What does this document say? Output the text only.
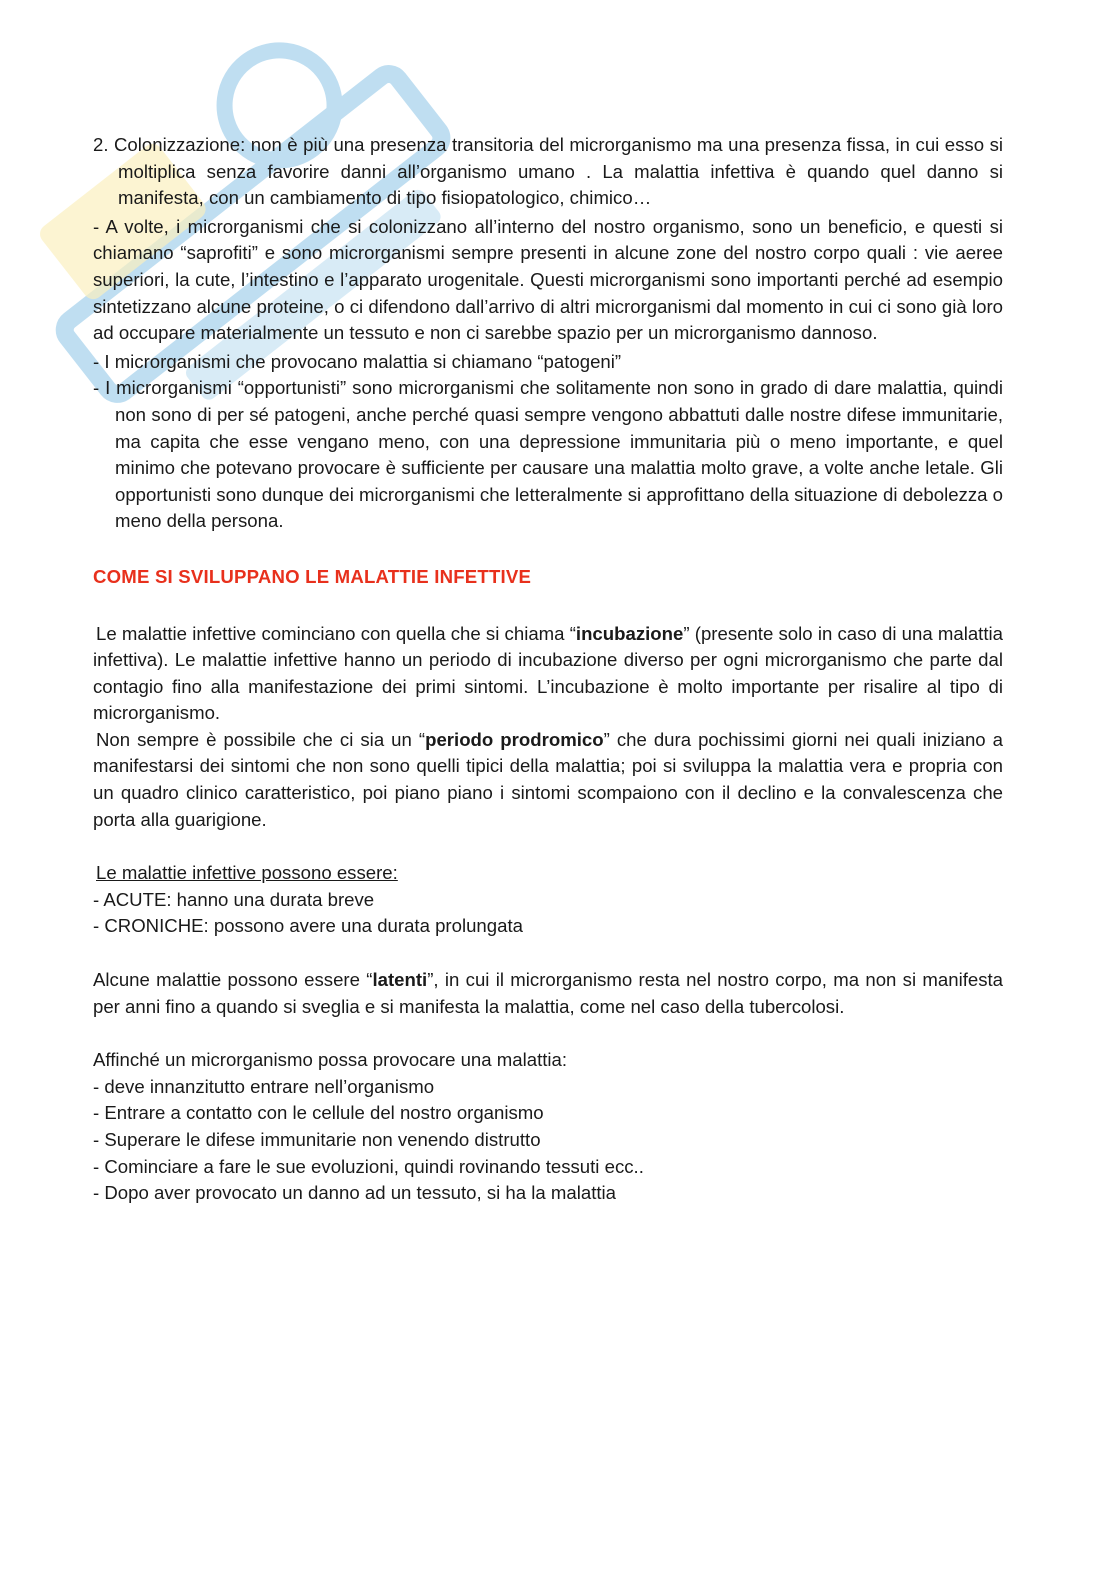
2. Colonizzazione: non è più una presenza transitoria del microrganismo ma una presenza fissa, in cui esso si moltiplica senza favorire danni all’organismo umano . La malattia infettiva è quando quel danno si manifesta, con un cambiamento di tipo fisiopatologico, chimico…

- A volte, i microrganismi che si colonizzano all’interno del nostro organismo, sono un beneficio, e questi si chiamano “saprofiti” e sono microrganismi sempre presenti in alcune zone del nostro corpo quali : vie aeree superiori, la cute, l’intestino e l’apparato urogenitale. Questi microrganismi sono importanti perché ad esempio sintetizzano alcune proteine, o ci difendono dall’arrivo di altri microrganismi dal momento in cui ci sono già loro ad occupare materialmente un tessuto e non ci sarebbe spazio per un microrganismo dannoso.

- I microrganismi che provocano malattia si chiamano “patogeni”

- I microrganismi “opportunisti” sono microrganismi che solitamente non sono in grado di dare malattia, quindi non sono di per sé patogeni, anche perché quasi sempre vengono abbattuti dalle nostre difese immunitarie, ma capita che esse vengano meno, con una depressione immunitaria più o meno importante, e quel minimo che potevano provocare è sufficiente per causare una malattia molto grave, a volte anche letale. Gli opportunisti sono dunque dei microrganismi che letteralmente si approfittano della situazione di debolezza o meno della persona.

COME SI SVILUPPANO LE MALATTIE INFETTIVE

Le malattie infettive cominciano con quella che si chiama “incubazione” (presente solo in caso di una malattia infettiva). Le malattie infettive hanno un periodo di incubazione diverso per ogni microrganismo che parte dal contagio fino alla manifestazione dei primi sintomi. L’incubazione è molto importante per risalire al tipo di microrganismo.

Non sempre è possibile che ci sia un “periodo prodromico” che dura pochissimi giorni nei quali iniziano a manifestarsi dei sintomi che non sono quelli tipici della malattia; poi si sviluppa la malattia vera e propria con un quadro clinico caratteristico, poi piano piano i sintomi scompaiono con il declino e la convalescenza che porta alla guarigione.

Le malattie infettive possono essere:

- ACUTE: hanno una durata breve

- CRONICHE: possono avere una durata prolungata

Alcune malattie possono essere “latenti”, in cui il microrganismo resta nel nostro corpo, ma non si manifesta per anni fino a quando si sveglia e si manifesta la malattia, come nel caso della tubercolosi.

Affinché un microrganismo possa provocare una malattia:

- deve innanzitutto entrare nell’organismo

- Entrare a contatto con le cellule del nostro organismo

- Superare le difese immunitarie non venendo distrutto

- Cominciare a fare le sue evoluzioni, quindi rovinando tessuti ecc..

- Dopo aver provocato un danno ad un tessuto, si ha la malattia
